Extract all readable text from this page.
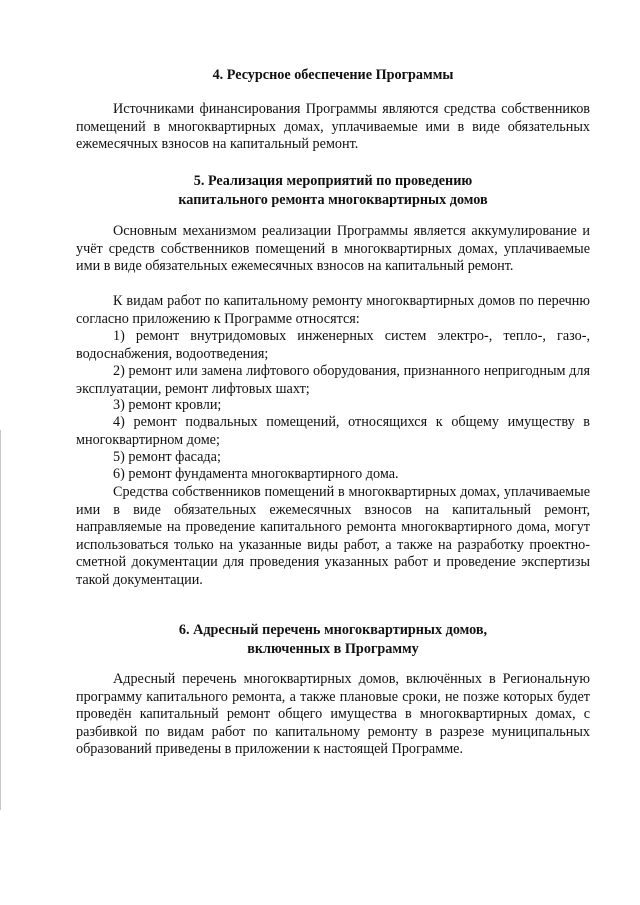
4. Ресурсное обеспечение Программы

Источниками финансирования Программы являются средства собственников помещений в многоквартирных домах, уплачиваемые ими в виде обязательных ежемесячных взносов на капитальный ремонт.

5. Реализация мероприятий по проведению
капитального ремонта многоквартирных домов

Основным механизмом реализации Программы является аккумулирование и учёт средств собственников помещений в многоквартирных домах, уплачиваемые ими в виде обязательных ежемесячных взносов на капитальный ремонт.

К видам работ по капитальному ремонту многоквартирных домов по перечню согласно приложению к Программе относятся:

1) ремонт внутридомовых инженерных систем электро-, тепло-, газо-, водоснабжения, водоотведения;

2) ремонт или замена лифтового оборудования, признанного непригодным для эксплуатации, ремонт лифтовых шахт;

3) ремонт кровли;

4) ремонт подвальных помещений, относящихся к общему имуществу в многоквартирном доме;

5) ремонт фасада;

6) ремонт фундамента многоквартирного дома.

Средства собственников помещений в многоквартирных домах, уплачиваемые ими в виде обязательных ежемесячных взносов на капитальный ремонт, направляемые на проведение капитального ремонта многоквартирного дома, могут использоваться только на указанные виды работ, а также на разработку проектно-сметной документации для проведения указанных работ и проведение экспертизы такой документации.

6. Адресный перечень многоквартирных домов,
включенных в Программу

Адресный перечень многоквартирных домов, включённых в Региональную программу капитального ремонта, а также плановые сроки, не позже которых будет проведён капитальный ремонт общего имущества в многоквартирных домах, с разбивкой по видам работ по капитальному ремонту в разрезе муниципальных образований приведены в приложении к настоящей Программе.
